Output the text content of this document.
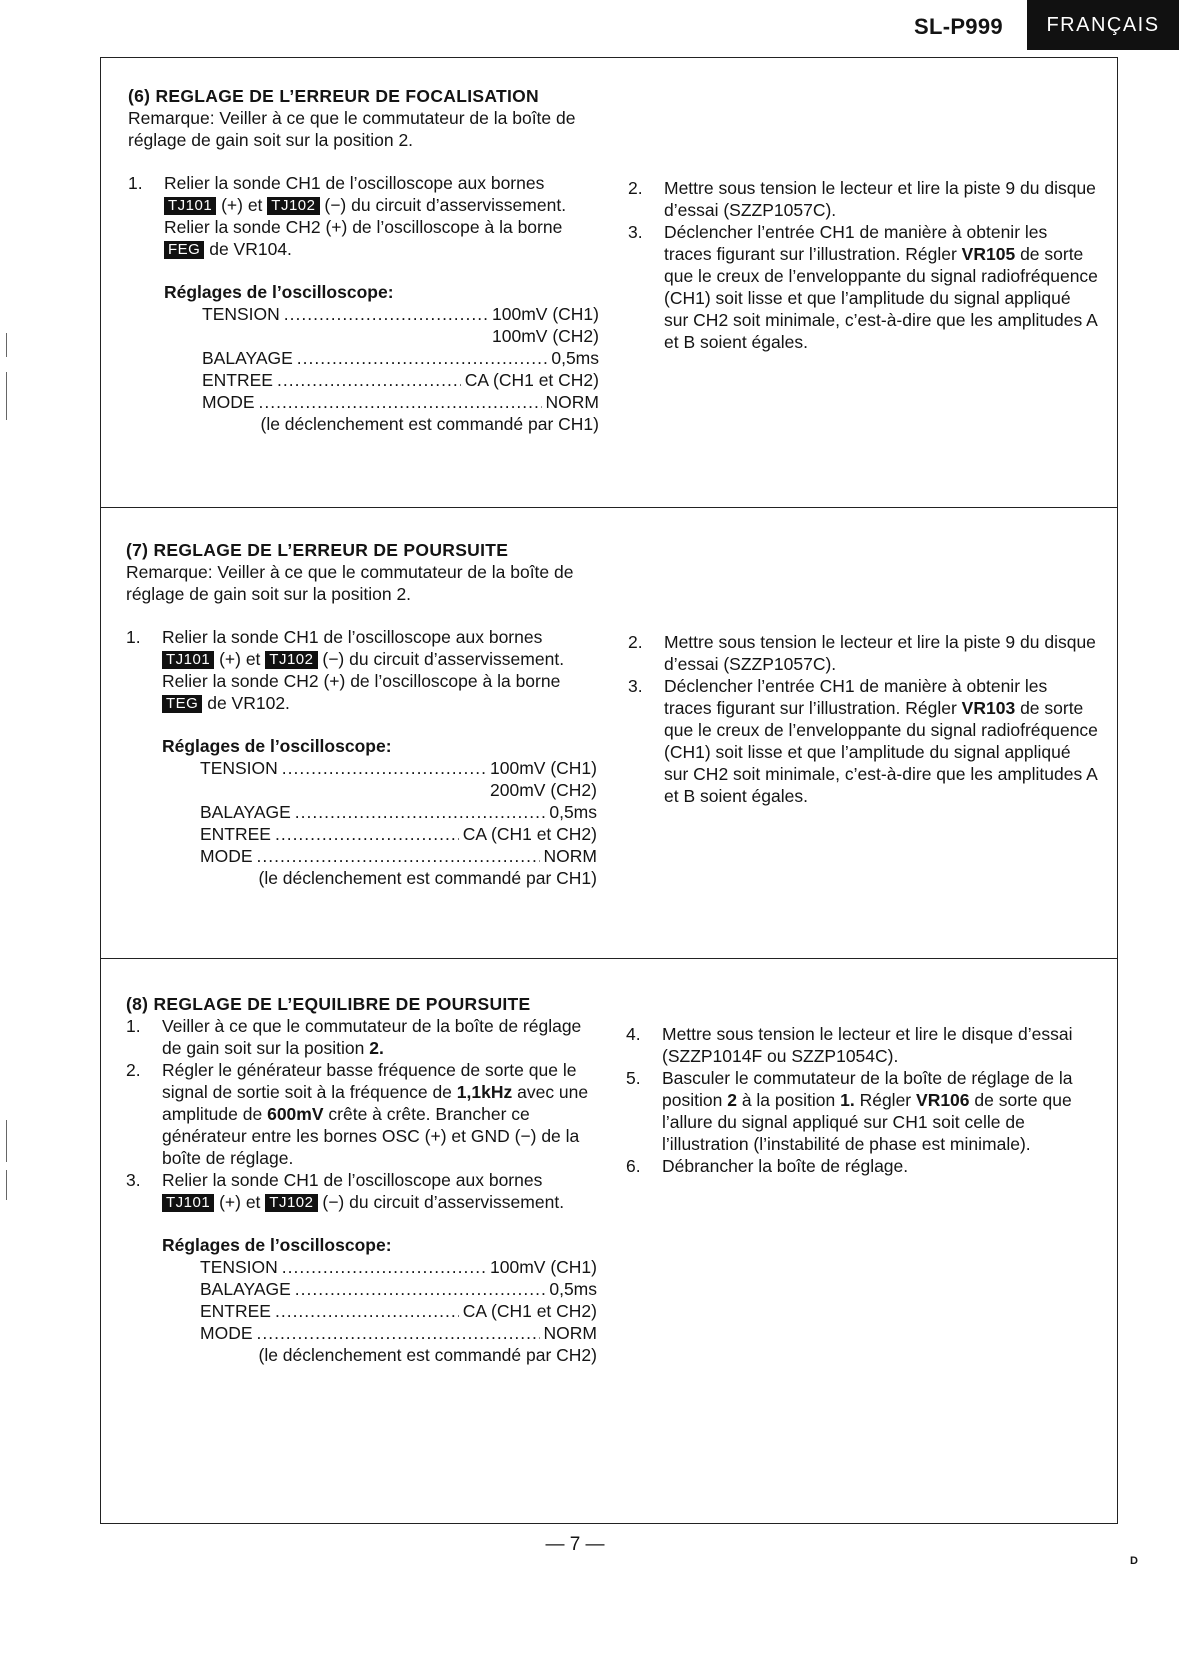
SL-P999	FRANÇAIS
(6) REGLAGE DE L’ERREUR DE FOCALISATION
Remarque: Veiller à ce que le commutateur de la boîte de réglage de gain soit sur la position 2.
1. Relier la sonde CH1 de l’oscilloscope aux bornes TJ101 (+) et TJ102 (−) du circuit d’asservissement.
Relier la sonde CH2 (+) de l’oscilloscope à la borne FEG de VR104.
Réglages de l’oscilloscope:
TENSION .....	100mV (CH1)
100mV (CH2)
BALAYAGE .....	0,5ms
ENTREE .....	CA (CH1 et CH2)
MODE .....	NORM
(le déclenchement est commandé par CH1)
2. Mettre sous tension le lecteur et lire la piste 9 du disque d’essai (SZZP1057C).
3. Déclencher l’entrée CH1 de manière à obtenir les traces figurant sur l’illustration. Régler VR105 de sorte que le creux de l’enveloppante du signal radiofréquence (CH1) soit lisse et que l’amplitude du signal appliqué sur CH2 soit minimale, c’est-à-dire que les amplitudes A et B soient égales.
(7) REGLAGE DE L’ERREUR DE POURSUITE
Remarque: Veiller à ce que le commutateur de la boîte de réglage de gain soit sur la position 2.
1. Relier la sonde CH1 de l’oscilloscope aux bornes TJ101 (+) et TJ102 (−) du circuit d’asservissement.
Relier la sonde CH2 (+) de l’oscilloscope à la borne TEG de VR102.
Réglages de l’oscilloscope:
TENSION .....	100mV (CH1)
200mV (CH2)
BALAYAGE .....	0,5ms
ENTREE .....	CA (CH1 et CH2)
MODE .....	NORM
(le déclenchement est commandé par CH1)
2. Mettre sous tension le lecteur et lire la piste 9 du disque d’essai (SZZP1057C).
3. Déclencher l’entrée CH1 de manière à obtenir les traces figurant sur l’illustration. Régler VR103 de sorte que le creux de l’enveloppante du signal radiofréquence (CH1) soit lisse et que l’amplitude du signal appliqué sur CH2 soit minimale, c’est-à-dire que les amplitudes A et B soient égales.
(8) REGLAGE DE L’EQUILIBRE DE POURSUITE
1. Veiller à ce que le commutateur de la boîte de réglage de gain soit sur la position 2.
2. Régler le générateur basse fréquence de sorte que le signal de sortie soit à la fréquence de 1,1kHz avec une amplitude de 600mV crête à crête. Brancher ce générateur entre les bornes OSC (+) et GND (−) de la boîte de réglage.
3. Relier la sonde CH1 de l’oscilloscope aux bornes TJ101 (+) et TJ102 (−) du circuit d’asservissement.
Réglages de l’oscilloscope:
TENSION .....	100mV (CH1)
BALAYAGE .....	0,5ms
ENTREE .....	CA (CH1 et CH2)
MODE .....	NORM
(le déclenchement est commandé par CH2)
4. Mettre sous tension le lecteur et lire le disque d’essai (SZZP1014F ou SZZP1054C).
5. Basculer le commutateur de la boîte de réglage de la position 2 à la position 1. Régler VR106 de sorte que l’allure du signal appliqué sur CH1 soit celle de l’illustration (l’instabilité de phase est minimale).
6. Débrancher la boîte de réglage.
— 7 —
D
